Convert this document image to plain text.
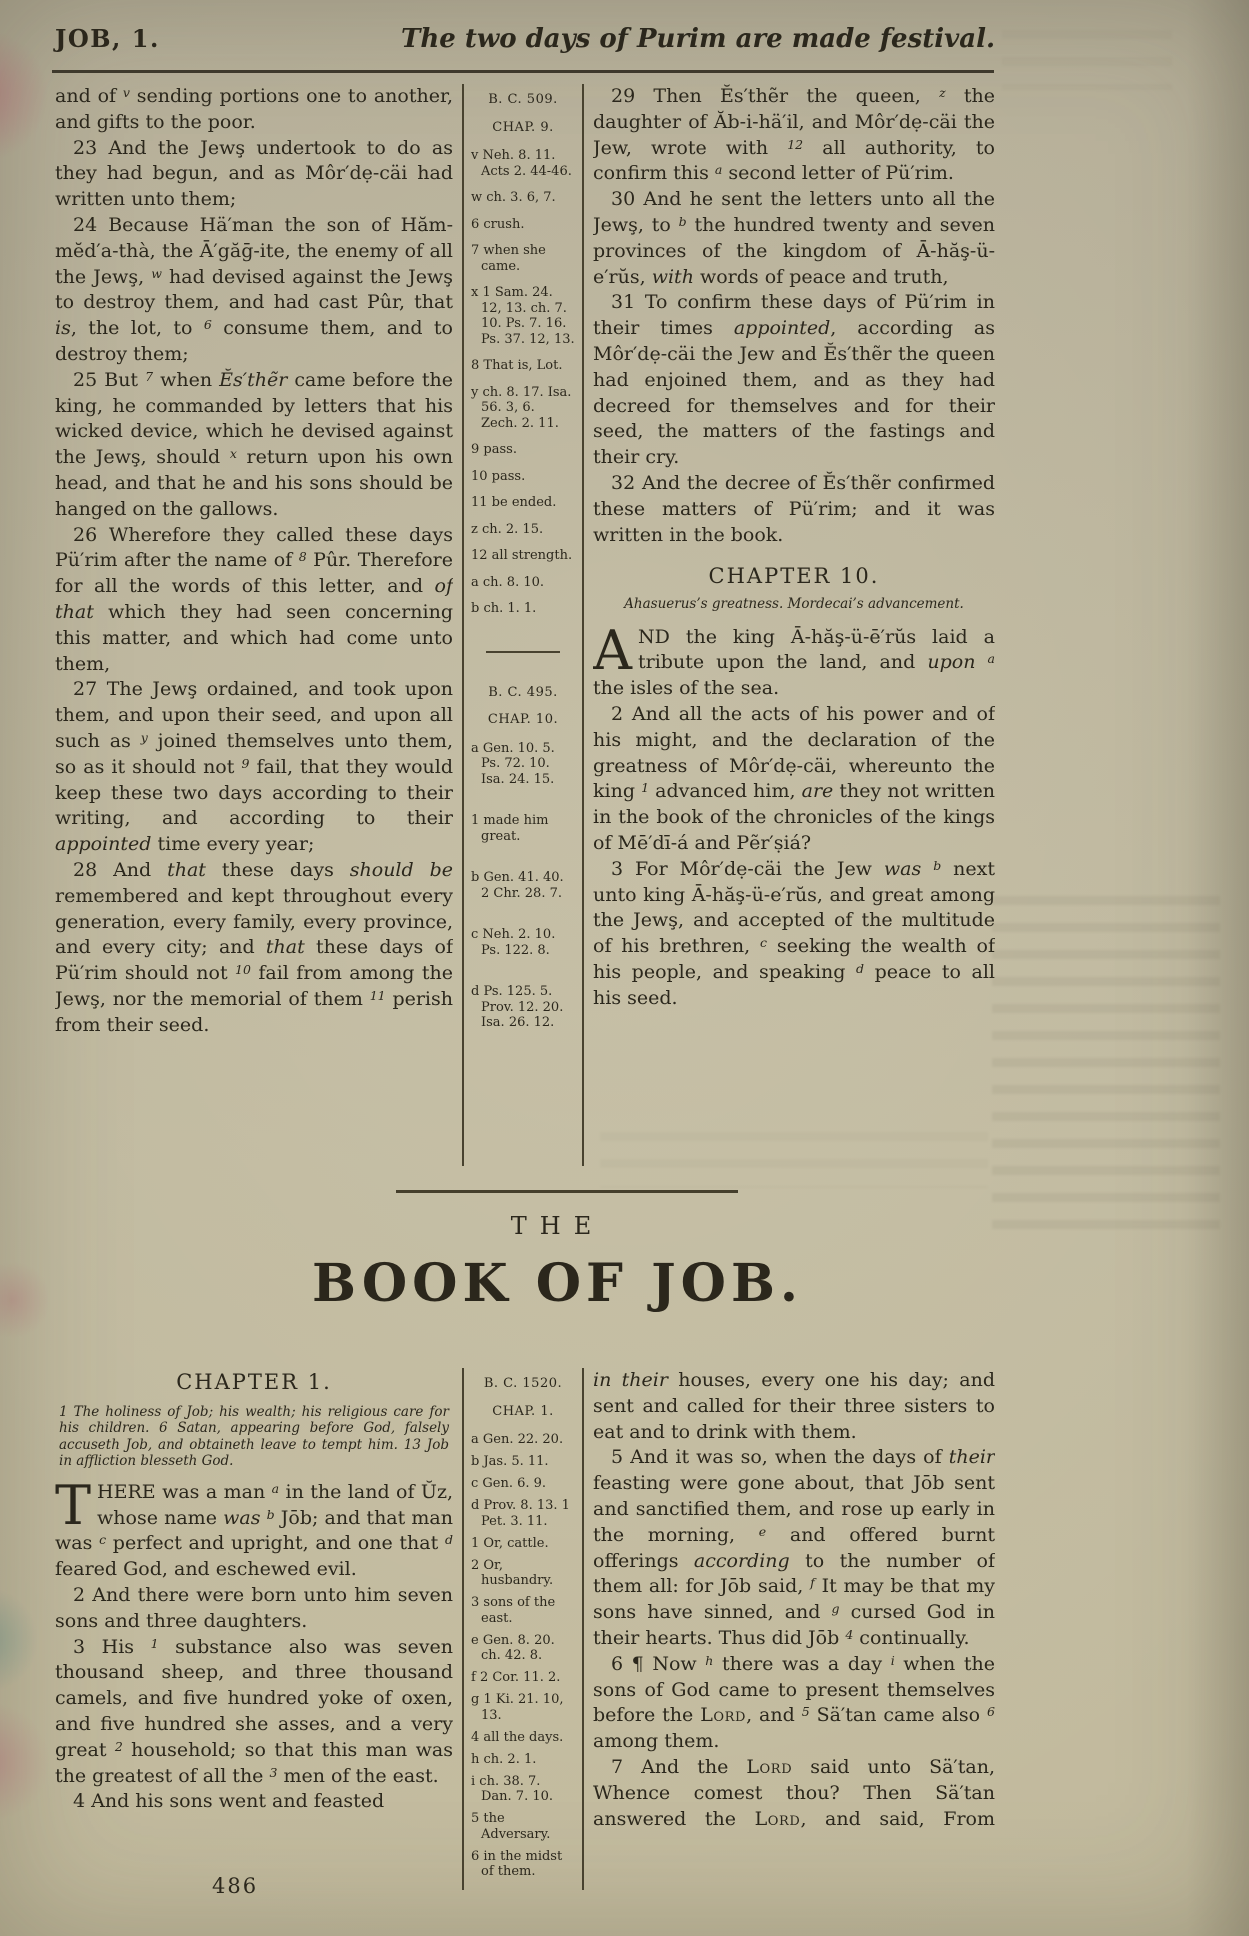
JOB, 1.	The two days of Purim are made festival.

and of $^v$ sending portions one to another, and gifts to the poor.

23 And the Jewş undertook to do as they had begun, and as Môr′dẹ-cäi had written unto them;

24 Because Hä′man the son of Hăm-mĕd′a-thà, the Ā′găḡ-ite, the enemy of all the Jewş, $^w$ had devised against the Jewş to destroy them, and had cast Pûr, that is, the lot, to $^6$ consume them, and to destroy them;

25 But $^7$ when Ĕs′thẽr came before the king, he commanded by letters that his wicked device, which he devised against the Jewş, should $^x$ return upon his own head, and that he and his sons should be hanged on the gallows.

26 Wherefore they called these days Pü′rim after the name of $^8$ Pûr. Therefore for all the words of this letter, and of that which they had seen concerning this matter, and which had come unto them,

27 The Jewş ordained, and took upon them, and upon their seed, and upon all such as $^y$ joined themselves unto them, so as it should not $^9$ fail, that they would keep these two days according to their writing, and according to their appointed time every year;

28 And that these days should be remembered and kept throughout every generation, every family, every province, and every city; and that these days of Pü′rim should not $^{10}$ fail from among the Jewş, nor the memorial of them $^{11}$ perish from their seed.

B. C. 509.
CHAP. 9.

v Neh. 8. 11. Acts 2. 44-46.

w ch. 3. 6, 7.

6 crush.

7 when she came.

x 1 Sam. 24. 12, 13. ch. 7. 10. Ps. 7. 16. Ps. 37. 12, 13.

8 That is, Lot.

y ch. 8. 17. Isa. 56. 3, 6. Zech. 2. 11.

9 pass.

10 pass.

11 be ended.

z ch. 2. 15.

12 all strength.

a ch. 8. 10.

b ch. 1. 1.

B. C. 495.
CHAP. 10.

a Gen. 10. 5. Ps. 72. 10. Isa. 24. 15.

1 made him great.

b Gen. 41. 40. 2 Chr. 28. 7.

c Neh. 2. 10. Ps. 122. 8.

d Ps. 125. 5. Prov. 12. 20. Isa. 26. 12.

29 Then Ĕs′thẽr the queen, $^z$ the daughter of Ăb-i-hä′il, and Môr′dẹ-cäi the Jew, wrote with $^{12}$ all authority, to confirm this $^a$ second letter of Pü′rim.

30 And he sent the letters unto all the Jewş, to $^b$ the hundred twenty and seven provinces of the kingdom of Ā-hăş-ü-e′rŭs, with words of peace and truth,

31 To confirm these days of Pü′rim in their times appointed, according as Môr′dẹ-cäi the Jew and Ĕs′thẽr the queen had enjoined them, and as they had decreed for themselves and for their seed, the matters of the fastings and their cry.

32 And the decree of Ĕs′thẽr confirmed these matters of Pü′rim; and it was written in the book.

CHAPTER 10.
Ahasuerus’s greatness. Mordecai’s advancement.

AND the king Ā-hăş-ü-ē′rŭs laid a tribute upon the land, and upon $^a$ the isles of the sea.

2 And all the acts of his power and of his might, and the declaration of the greatness of Môr′dẹ-cäi, whereunto the king $^1$ advanced him, are they not written in the book of the chronicles of the kings of Mē′dī-á and Pẽr′ṣiá?

3 For Môr′dẹ-cäi the Jew was $^b$ next unto king Ā-hăş-ü-e′rŭs, and great among the Jewş, and accepted of the multitude of his brethren, $^c$ seeking the wealth of his people, and speaking $^d$ peace to all his seed.

THE
BOOK OF JOB.
CHAPTER 1.
1 The holiness of Job; his wealth; his religious care for his children. 6 Satan, appearing before God, falsely accuseth Job, and obtaineth leave to tempt him. 13 Job in affliction blesseth God.

THERE was a man $^a$ in the land of Ŭz, whose name was $^b$ Jōb; and that man was $^c$ perfect and upright, and one that $^d$ feared God, and eschewed evil.

2 And there were born unto him seven sons and three daughters.

3 His $^1$ substance also was seven thousand sheep, and three thousand camels, and five hundred yoke of oxen, and five hundred she asses, and a very great $^2$ household; so that this man was the greatest of all the $^3$ men of the east.

4 And his sons went and feasted

B. C. 1520.
CHAP. 1.

a Gen. 22. 20.

b Jas. 5. 11.

c Gen. 6. 9.

d Prov. 8. 13. 1 Pet. 3. 11.

1 Or, cattle.

2 Or, husbandry.

3 sons of the east.

e Gen. 8. 20. ch. 42. 8.

f 2 Cor. 11. 2.

g 1 Ki. 21. 10, 13.

4 all the days.

h ch. 2. 1.

i ch. 38. 7. Dan. 7. 10.

5 the Adversary.

6 in the midst of them.

in their houses, every one his day; and sent and called for their three sisters to eat and to drink with them.

5 And it was so, when the days of their feasting were gone about, that Jōb sent and sanctified them, and rose up early in the morning, $^e$ and offered burnt offerings according to the number of them all: for Jōb said, $^f$ It may be that my sons have sinned, and $^g$ cursed God in their hearts. Thus did Jōb $^4$ continually.

6 ¶ Now $^h$ there was a day $^i$ when the sons of God came to present themselves before the Lord, and $^5$ Sä′tan came also $^6$ among them.

7 And the Lord said unto Sä′tan, Whence comest thou? Then Sä′tan answered the Lord, and said, From

486
